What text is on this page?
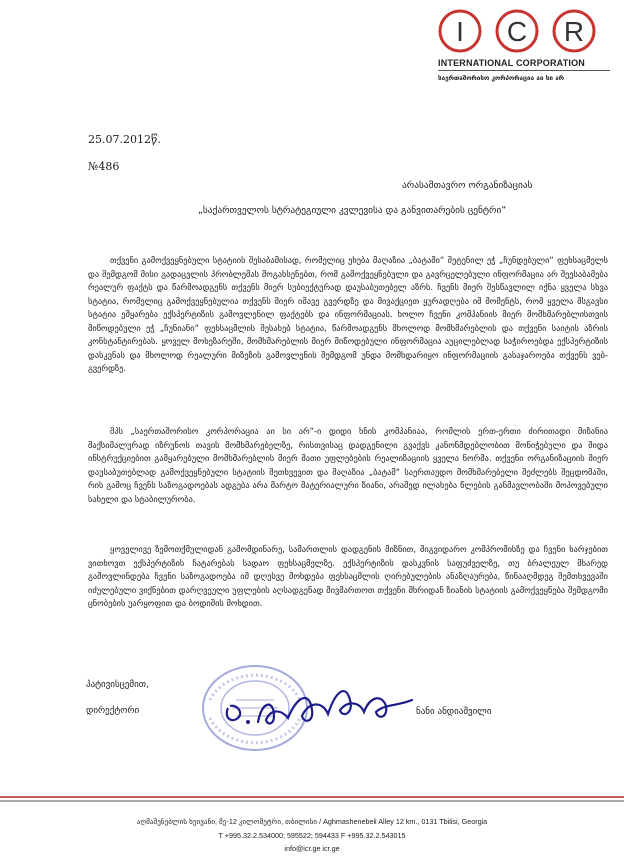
I C R
INTERNATIONAL CORPORATION
საერთაშორისო კორპორაცია აი სი არ
25.07.2012წ.
№486
არასამთავრო ორგანიზაციას
„საქართველოს სტრატეგიული კვლევისა და განვითარების ცენტრი“
თქვენი გამოქვეყნებული სტატიის შესაბამისად, რომელიც ეხება მაღაზია „ბატამი“ შეტენილ ეჭ „ჩუნდებული“ ფეხსაცმელს და შემდგომ მისი გადაცვლის პრობლემას მოგახსენებთ, რომ გამოქვეყნებული და გავრცელებული ინფორმაცია არ შეესაბამება რეალურ ფაქტს და წარმოადგენს თქვენს მიერ სუბიექტურად დაუსაბუთებელ აზრს. ჩვენს მიერ შესწავლილ იქნა ყველა სხვა სტატია, რომელიც გამოქვეყნებულია თქვენს მიერ იმავე გვერდზე და მივაქციეთ ყურადღება იმ მომენტს, რომ ყველა მსგავსი სტატია ემყარება ექსპერტიზის გამოვლენილ ფაქტებს და ინფორმაციას. ხოლო ჩვენი კომპანიის მიერ მომხმარებლისთვის მიწოდებული ეჭ „ჩუნიანი“ ფეხსაცმლის შესახებ სტატია, წარმოადგენს მხოლოდ მომხმარებლის და თქვენი საიტის აზრის კონსტანტირებას. ყოველ მოხეზარეში, მომხმარებლის მიერ მიწოდებული ინფორმაცია აუცილებლად საჭიროებდა ექსპერტიზის დასკვნას და მხოლოდ რეალური მიზეზის გამოვლენის შემდგომ უნდა მომხდარიყო ინფორმაციის გასაჯაროება თქვენს ვებ-გვერდზე.
შპს „საერთაშორისო კორპორაცია აი სი არ“-ი დიდი ხნის კომპანიაა, რომლის ერთ-ერთი ძირითადი მიზანია მაქსიმალურად იზრუნოს თავის მომხმარებელზე, რისთვისაც დადგენილი გვაქვს კანონმდებლობით მონიჭებული და შიდა ინსტრუქციებით გამყარებული მომხმარებლის მიერ მათი უფლებების რეალიზაციის ყველა ნორმა. თქვენი ორგანიზაციის მიერ დაუსაბუთებლად გამოქვეყნებული სტატიის შეთხვევით და მაღაზია „ბატამ“ საერთაუდო მომხმარებელი შეძლებს შეცდომაში, რის გამოც ჩვენს საზოგადოებას ადგება არა მარტო მატერიალური ზიანი, არამედ ილახება წლების განმავლობაში მოპოვებული სახელი და სტაბილურობა.
ყოველივე ზემოთქმულიდან გამომდინარე, სამართლის დადგენის მიზნით, მიგვიდარო კომპრომისზე და ჩვენი ხარჯებით ვითხოვთ ექსპერტიზის ჩატარებას სადაო ფეხსაცმელზე. ექსპერტიზის დასკვნის საფუძველზე, თუ ბრალეულ მხარედ გამოვლინდება ჩვენი საზოგადოება იმ დღესვე მოხდება ფეხსაცმლის ღირებულების ანაზღაურება, წინააღმდეგ შემთხვევაში იძულებული ვიქნებით დარღვეული უფლების აღსადგენად მივმართოთ თქვენი მხრიდან ზიანის სტატიის გამოქვეყნება შემდგომი ცნობების უარყოფით და ბოდიშის მოხდით.
პატივისცემით,
დირექტორი	ნანი ანდიაშვილი
აღმაშენებლის ხეივანი, მე-12 კილომეტრი, თბილისი / Aghmashenebeli Alley 12 km., 0131 Tbilisi, Georgia
T +995.32.2.534000; 595522; 594433 F +995.32.2.543015
info@icr.ge icr.ge
